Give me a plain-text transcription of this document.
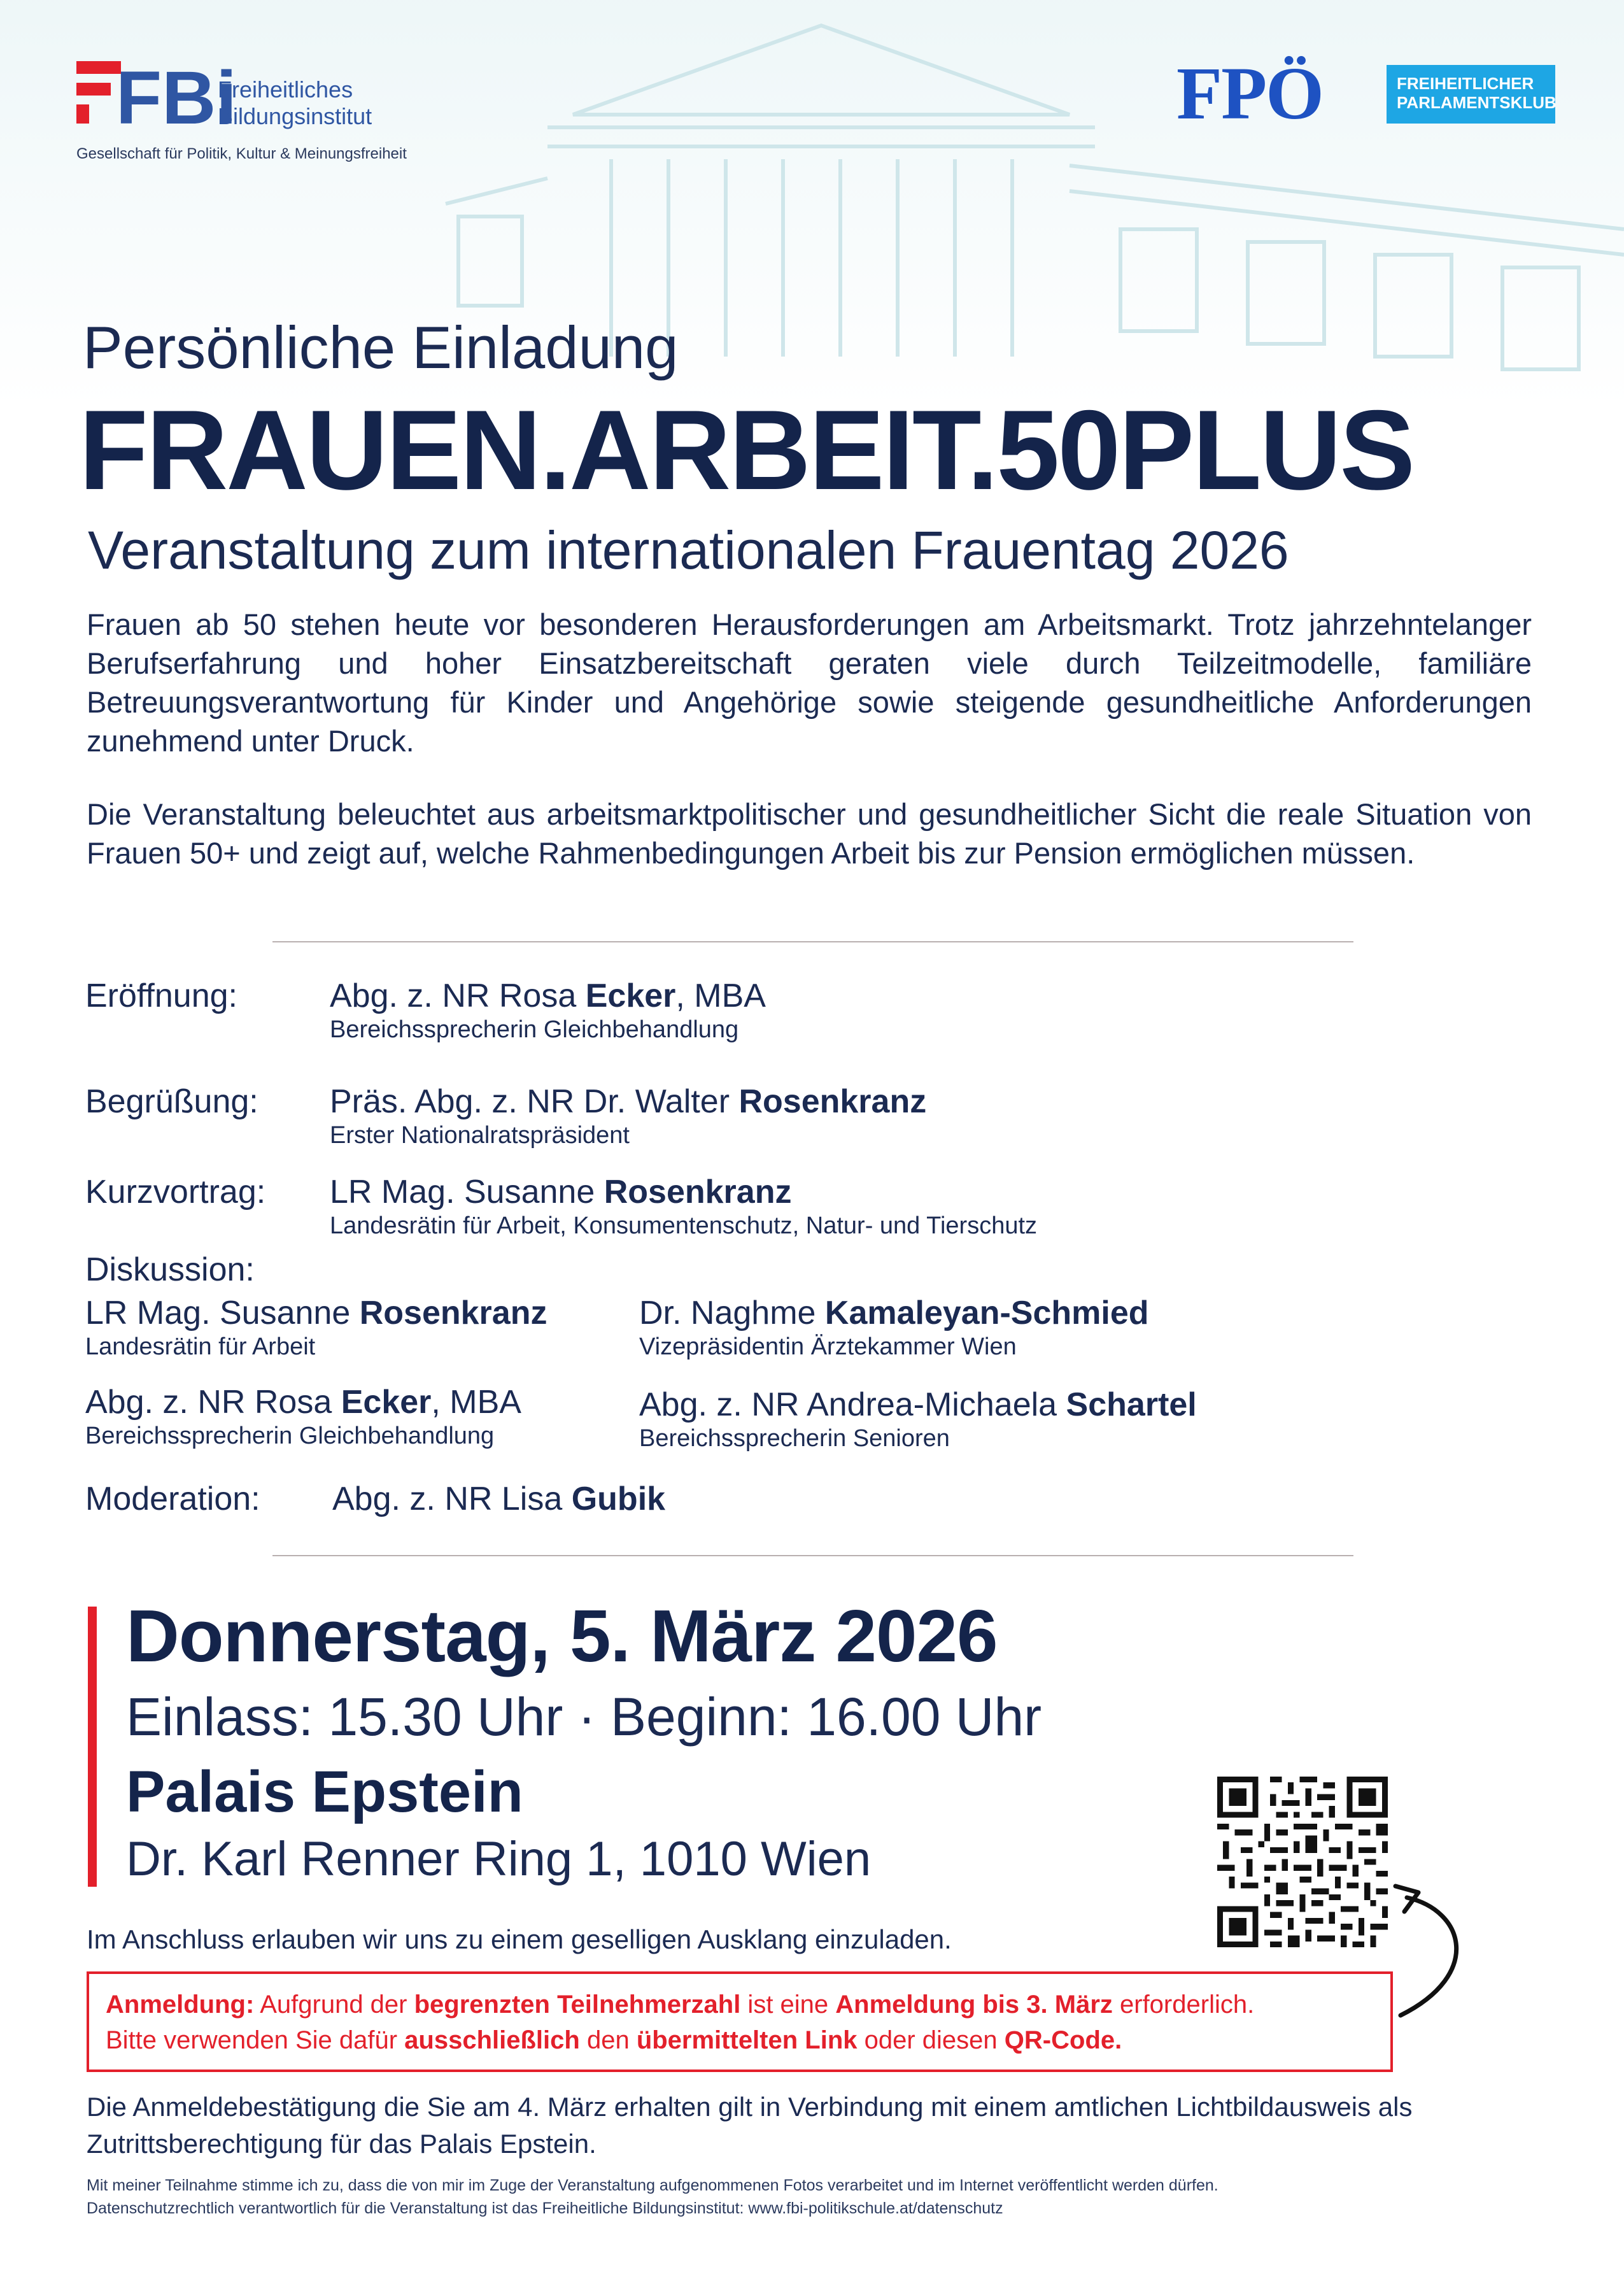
FBi
Freiheitliches
Bildungsinstitut
Gesellschaft für Politik, Kultur & Meinungsfreiheit
FPÖ	FREIHEITLICHER
PARLAMENTSKLUB
Persönliche Einladung
FRAUEN.ARBEIT.50PLUS
Veranstaltung zum internationalen Frauentag 2026
Frauen ab 50 stehen heute vor besonderen Herausforderungen am Arbeitsmarkt. Trotz jahrzehntelanger Berufserfahrung und hoher Einsatzbereitschaft geraten viele durch Teilzeitmodelle, familiäre Betreuungsverantwortung für Kinder und Angehörige sowie steigende gesundheitliche Anforderungen zunehmend unter Druck.
Die Veranstaltung beleuchtet aus arbeitsmarktpolitischer und gesundheitlicher Sicht die reale Situation von Frauen 50+ und zeigt auf, welche Rahmenbedingungen Arbeit bis zur Pension ermöglichen müssen.
Eröffnung:	Abg. z. NR Rosa Ecker, MBA
Bereichssprecherin Gleichbehandlung
Begrüßung: Präs. Abg. z. NR Dr. Walter Rosenkranz
Erster Nationalratspräsident
Kurzvortrag: LR Mag. Susanne Rosenkranz
Landesrätin für Arbeit, Konsumentenschutz, Natur- und Tierschutz
Diskussion:
LR Mag. Susanne Rosenkranz
Landesrätin für Arbeit
Dr. Naghme Kamaleyan-Schmied
Vizepräsidentin Ärztekammer Wien
Abg. z. NR Rosa Ecker, MBA
Bereichssprecherin Gleichbehandlung
Abg. z. NR Andrea-Michaela Schartel
Bereichssprecherin Senioren
Moderation: Abg. z. NR Lisa Gubik
Donnerstag, 5. März 2026
Einlass: 15.30 Uhr · Beginn: 16.00 Uhr
Palais Epstein
Dr. Karl Renner Ring 1, 1010 Wien
Im Anschluss erlauben wir uns zu einem geselligen Ausklang einzuladen.
Anmeldung: Aufgrund der begrenzten Teilnehmerzahl ist eine Anmeldung bis 3. März erforderlich.
Bitte verwenden Sie dafür ausschließlich den übermittelten Link oder diesen QR-Code.
Die Anmeldebestätigung die Sie am 4. März erhalten gilt in Verbindung mit einem amtlichen Lichtbildausweis als Zutrittsberechtigung für das Palais Epstein.
Mit meiner Teilnahme stimme ich zu, dass die von mir im Zuge der Veranstaltung aufgenommenen Fotos verarbeitet und im Internet veröffentlicht werden dürfen.
Datenschutzrechtlich verantwortlich für die Veranstaltung ist das Freiheitliche Bildungsinstitut: www.fbi-politikschule.at/datenschutz
